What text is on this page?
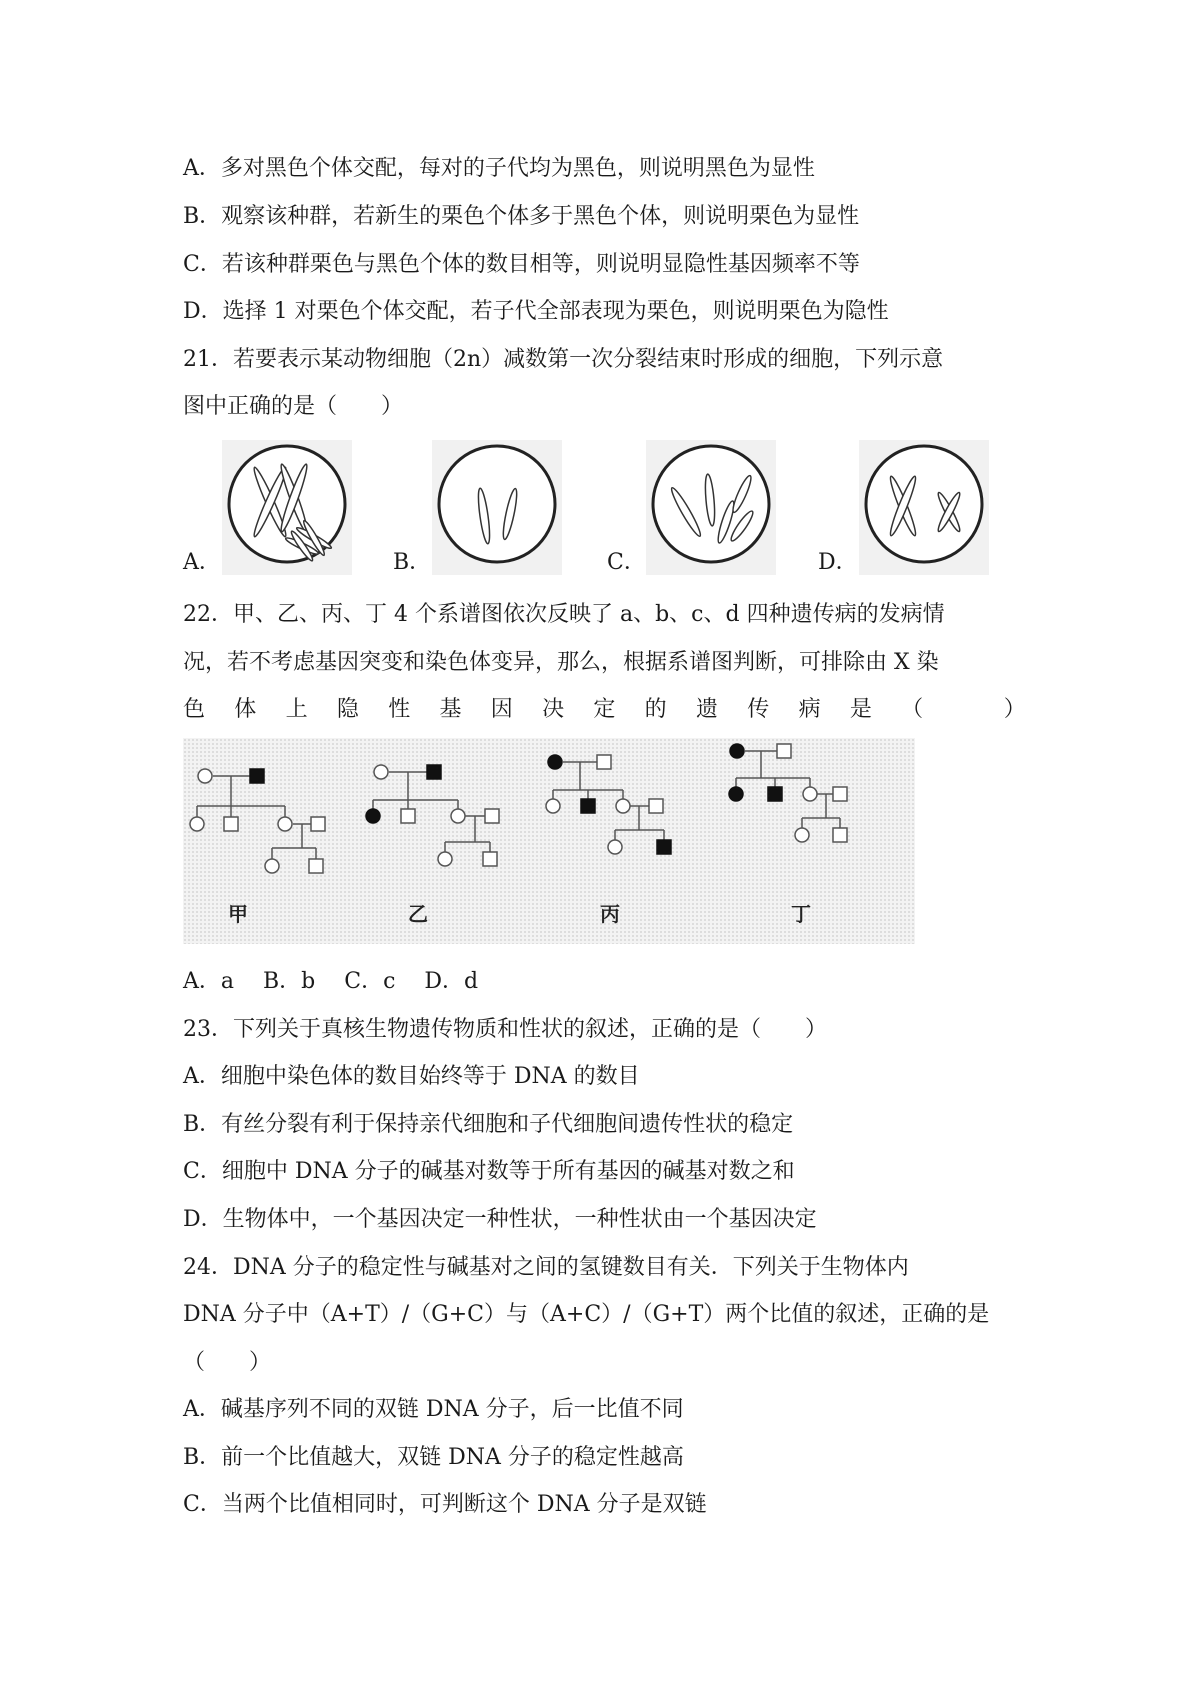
A．多对黑色个体交配，每对的子代均为黑色，则说明黑色为显性
B．观察该种群，若新生的栗色个体多于黑色个体，则说明栗色为显性
C．若该种群栗色与黑色个体的数目相等，则说明显隐性基因频率不等
D．选择 1 对栗色个体交配，若子代全部表现为栗色，则说明栗色为隐性
21．若要表示某动物细胞（2n）减数第一次分裂结束时形成的细胞，下列示意
图中正确的是（　　）
A．	B．	C．	D．
22．甲、乙、丙、丁 4 个系谱图依次反映了 a、b、c、d 四种遗传病的发病情
况，若不考虑基因突变和染色体变异，那么，根据系谱图判断，可排除由 X 染
色 体 上 隐 性 基 因 决 定 的 遗 传 病 是 （
　	）
甲	乙	丙	丁
A．a　 B．b　 C．c　 D．d
23．下列关于真核生物遗传物质和性状的叙述，正确的是（　　）
A．细胞中染色体的数目始终等于 DNA 的数目
B．有丝分裂有利于保持亲代细胞和子代细胞间遗传性状的稳定
C．细胞中 DNA 分子的碱基对数等于所有基因的碱基对数之和
D．生物体中，一个基因决定一种性状，一种性状由一个基因决定
24．DNA 分子的稳定性与碱基对之间的氢键数目有关．下列关于生物体内
DNA 分子中（A+T）/（G+C）与（A+C）/（G+T）两个比值的叙述，正确的是
（　　）
A．碱基序列不同的双链 DNA 分子，后一比值不同
B．前一个比值越大，双链 DNA 分子的稳定性越高
C．当两个比值相同时，可判断这个 DNA 分子是双链
